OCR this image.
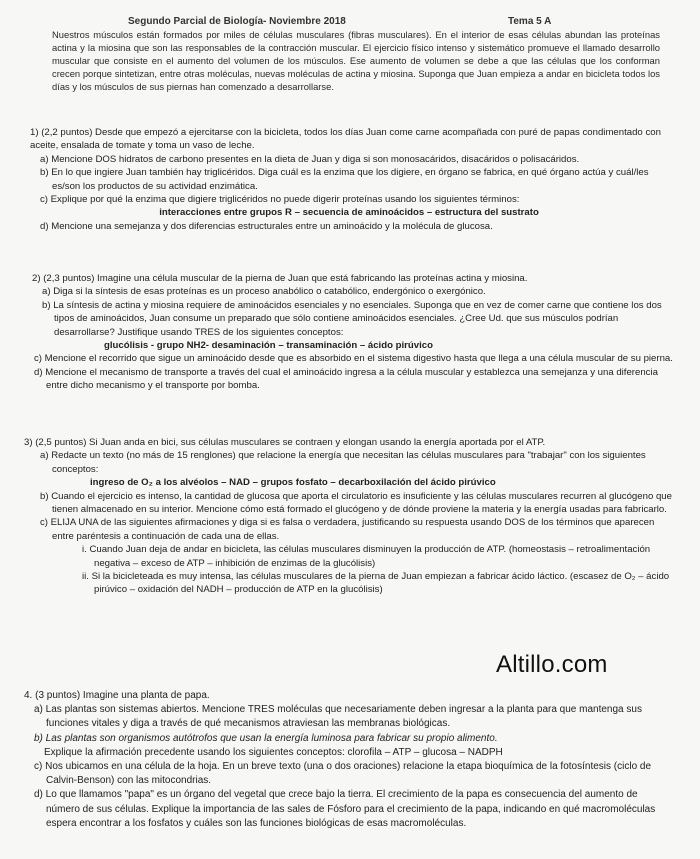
Segundo Parcial de Biología- Noviembre 2018	Tema 5 A

Nuestros músculos están formados por miles de células musculares (fibras musculares). En el interior de esas células abundan las proteínas actina y la miosina que son las responsables de la contracción muscular. El ejercicio físico intenso y sistemático promueve el llamado desarrollo muscular que consiste en el aumento del volumen de los músculos. Ese aumento de volumen se debe a que las células que los conforman crecen porque sintetizan, entre otras moléculas, nuevas moléculas de actina y miosina. Suponga que Juan empieza a andar en bicicleta todos los días y los músculos de sus piernas han comenzado a desarrollarse.

1) (2,2 puntos) Desde que empezó a ejercitarse con la bicicleta, todos los días Juan come carne acompañada con puré de papas condimentado con aceite, ensalada de tomate y toma un vaso de leche.
a) Mencione DOS hidratos de carbono presentes en la dieta de Juan y diga si son monosacáridos, disacáridos o polisacáridos.
b) En lo que ingiere Juan también hay triglicéridos. Diga cuál es la enzima que los digiere, en órgano se fabrica, en qué órgano actúa y cuál/les es/son los productos de su actividad enzimática.
c) Explique por qué la enzima que digiere triglicéridos no puede digerir proteínas usando los siguientes términos:
interacciones entre grupos R – secuencia de aminoácidos – estructura del sustrato
d) Mencione una semejanza y dos diferencias estructurales entre un aminoácido y la molécula de glucosa.
2) (2,3 puntos) Imagine una célula muscular de la pierna de Juan que está fabricando las proteínas actina y miosina.
a) Diga si la síntesis de esas proteínas es un proceso anabólico o catabólico, endergónico o exergónico.
b) La síntesis de actina y miosina requiere de aminoácidos esenciales y no esenciales. Suponga que en vez de comer carne que contiene los dos tipos de aminoácidos, Juan consume un preparado que sólo contiene aminoácidos esenciales. ¿Cree Ud. que sus músculos podrían desarrollarse? Justifique usando TRES de los siguientes conceptos:
glucólisis - grupo NH2- desaminación – transaminación – ácido pirúvico
c) Mencione el recorrido que sigue un aminoácido desde que es absorbido en el sistema digestivo hasta que llega a una célula muscular de su pierna.
d) Mencione el mecanismo de transporte a través del cual el aminoácido ingresa a la célula muscular y establezca una semejanza y una diferencia entre dicho mecanismo y el transporte por bomba.
3) (2,5 puntos) Si Juan anda en bici, sus células musculares se contraen y elongan usando la energía aportada por el ATP.
a) Redacte un texto (no más de 15 renglones) que relacione la energía que necesitan las células musculares para "trabajar" con los siguientes conceptos:
ingreso de O₂ a los alvéolos – NAD – grupos fosfato – decarboxilación del ácido pirúvico
b) Cuando el ejercicio es intenso, la cantidad de glucosa que aporta el circulatorio es insuficiente y las células musculares recurren al glucógeno que tienen almacenado en su interior. Mencione cómo está formado el glucógeno y de dónde proviene la materia y la energía usadas para fabricarlo.
c) ELIJA UNA de las siguientes afirmaciones y diga si es falsa o verdadera, justificando su respuesta usando DOS de los términos que aparecen entre paréntesis a continuación de cada una de ellas.
i. Cuando Juan deja de andar en bicicleta, las células musculares disminuyen la producción de ATP. (homeostasis – retroalimentación negativa – exceso de ATP – inhibición de enzimas de la glucólisis)
ii. Si la bicicleteada es muy intensa, las células musculares de la pierna de Juan empiezan a fabricar ácido láctico. (escasez de O₂ – ácido pirúvico – oxidación del NADH – producción de ATP en la glucólisis)
Altillo.com
4. (3 puntos) Imagine una planta de papa.
a) Las plantas son sistemas abiertos. Mencione TRES moléculas que necesariamente deben ingresar a la planta para que mantenga sus funciones vitales y diga a través de qué mecanismos atraviesan las membranas biológicas.
b) Las plantas son organismos autótrofos que usan la energía luminosa para fabricar su propio alimento.
Explique la afirmación precedente usando los siguientes conceptos: clorofila – ATP – glucosa – NADPH
c) Nos ubicamos en una célula de la hoja. En un breve texto (una o dos oraciones) relacione la etapa bioquímica de la fotosíntesis (ciclo de Calvin-Benson) con las mitocondrias.
d) Lo que llamamos "papa" es un órgano del vegetal que crece bajo la tierra. El crecimiento de la papa es consecuencia del aumento de número de sus células. Explique la importancia de las sales de Fósforo para el crecimiento de la papa, indicando en qué macromoléculas espera encontrar a los fosfatos y cuáles son las funciones biológicas de esas macromoléculas.
